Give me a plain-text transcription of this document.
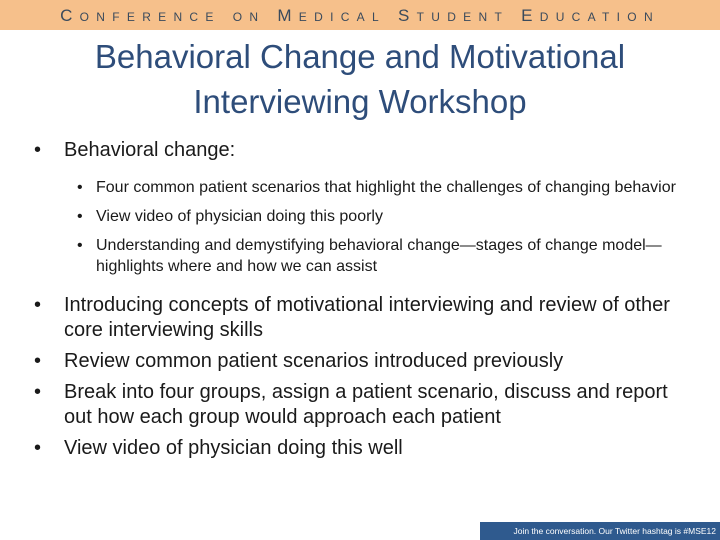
Conference on Medical Student Education
Behavioral Change and Motivational
Interviewing Workshop
• Behavioral change:
• Four common patient scenarios that highlight the challenges of changing behavior
• View video of physician doing this poorly
• Understanding and demystifying behavioral change—stages of change model—highlights where and how we can assist
• Introducing concepts of motivational interviewing and review of other core interviewing skills
• Review common patient scenarios introduced previously
• Break into four groups, assign a patient scenario, discuss and report out how each group would approach each patient
• View video of physician doing this well
Join the conversation. Our Twitter hashtag is #MSE12
